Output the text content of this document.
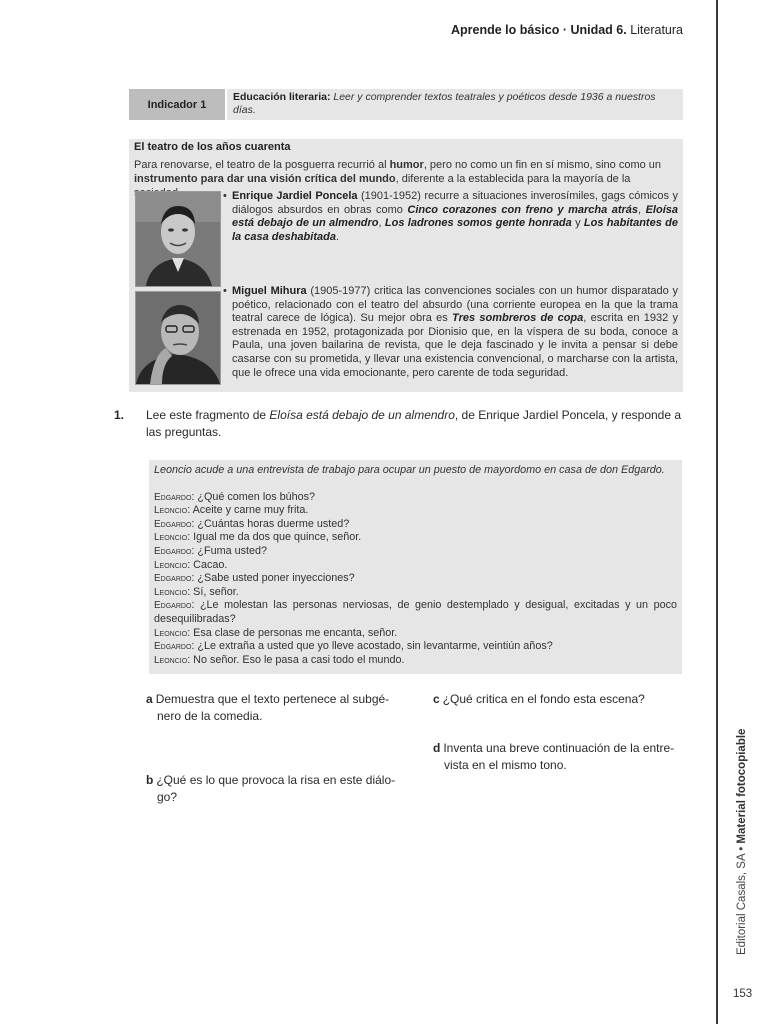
Aprende lo básico · Unidad 6. Literatura
Indicador 1
Educación literaria: Leer y comprender textos teatrales y poéticos desde 1936 a nuestros días.
El teatro de los años cuarenta
Para renovarse, el teatro de la posguerra recurrió al humor, pero no como un fin en sí mismo, sino como un instrumento para dar una visión crítica del mundo, diferente a la establecida para la mayoría de la
• Enrique Jardiel Poncela (1901-1952) recurre a situaciones inverosímiles, gags cómicos y diálogos absurdos en obras como Cinco corazones con freno y marcha atrás, Eloísa está debajo de un almendro, Los ladrones somos gente honrada y Los habitantes de la casa deshabitada.
• Miguel Mihura (1905-1977) critica las convenciones sociales con un humor disparatado y poético, relacionado con el teatro del absurdo (una corriente europea en la que la trama teatral carece de lógica). Su mejor obra es Tres sombreros de copa, escrita en 1932 y estrenada en 1952, protagonizada por Dionisio que, en la víspera de su boda, conoce a Paula, una joven bailarina de revista, que le deja fascinado y le invita a pensar si debe casarse con su prometida, y llevar una existencia convencional, o marcharse con la artista, que le ofrece una vida emocionante, pero carente de toda seguridad.
1.	Lee este fragmento de Eloísa está debajo de un almendro, de Enrique Jardiel Poncela, y responde a las preguntas.
Leoncio acude a una entrevista de trabajo para ocupar un puesto de mayordomo en casa de don Edgardo.
Edgardo: ¿Qué comen los búhos?
Leoncio: Aceite y carne muy frita.
Edgardo: ¿Cuántas horas duerme usted?
Leoncio: Igual me da dos que quince, señor.
Edgardo: ¿Fuma usted?
Leoncio: Cacao.
Edgardo: ¿Sabe usted poner inyecciones?
Leoncio: Sí, señor.
Edgardo: ¿Le molestan las personas nerviosas, de genio destemplado y desigual, excitadas y un poco desequilibradas?
Leoncio: Esa clase de personas me encanta, señor.
Edgardo: ¿Le extraña a usted que yo lleve acostado, sin levantarme, veintiún años?
Leoncio: No señor. Eso le pasa a casi todo el mundo.
a Demuestra que el texto pertenece al subgé-
nero de la comedia.
b ¿Qué es lo que provoca la risa en este diálo-
go?
c ¿Qué critica en el fondo esta escena?
d Inventa una breve continuación de la entre-
vista en el mismo tono.
Editorial Casals, SA • Material fotocopiable
153
